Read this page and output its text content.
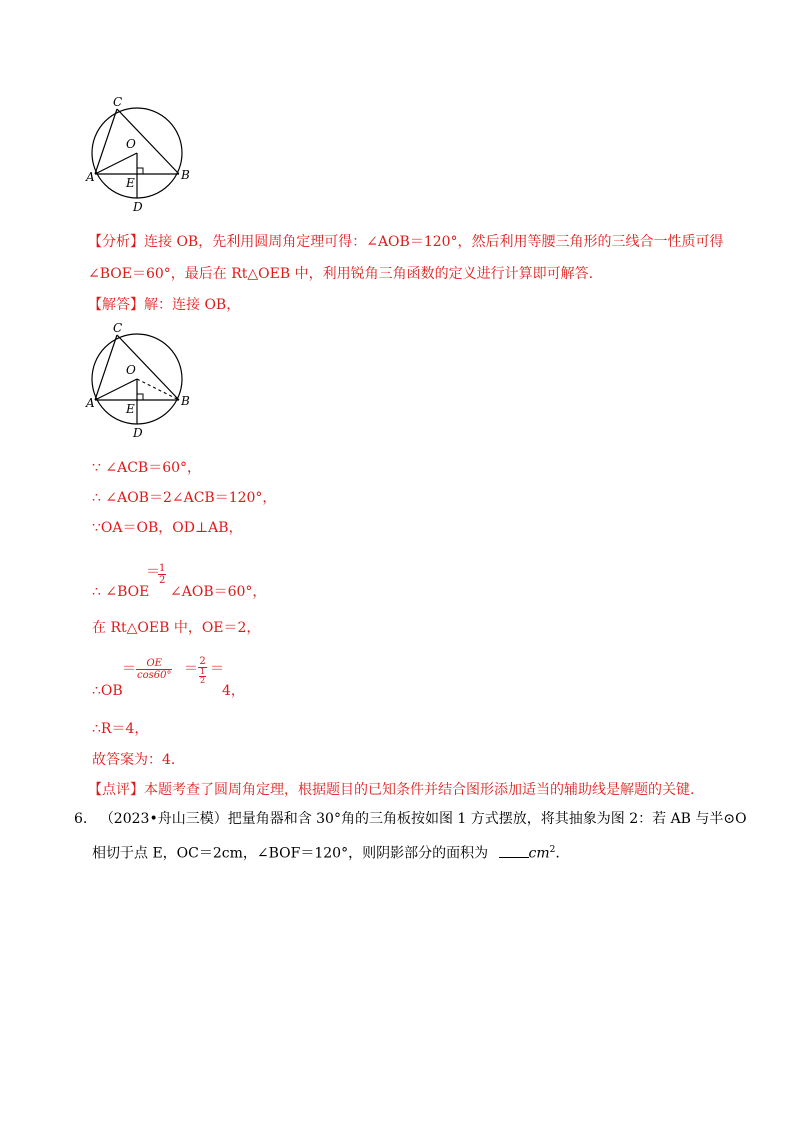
C
O
A	E
B
D
【分析】连接 OB，先利用圆周角定理可得：∠AOB＝120°，然后利用等腰三角形的三线合一性质可得
∠BOE＝60°，最后在 Rt△OEB 中，利用锐角三角函数的定义进行计算即可解答.
【解答】解：连接 OB，
C
O
A	E
B
D
∵ ∠ACB＝60°，
∴ ∠AOB＝2∠ACB＝120°，
∵OA＝OB，OD⊥AB，
∴ ∠BOE
＝
$\frac{1}{2}$
∠AOB＝60°，
在 Rt△OEB 中，OE＝2，
∴OB
＝ $\frac{OE}{\cos 60^\circ} = \frac{2}{\frac{1}{2}}$ ＝
4，
∴R＝4，
故答案为：4.
【点评】本题考查了圆周角定理，根据题目的已知条件并结合图形添加适当的辅助线是解题的关键.
6. （2023•舟山三模）把量角器和含 30°角的三角板按如图 1 方式摆放，将其抽象为图 2：若 AB 与半⊙O
相切于点 E，OC＝2cm，∠BOF＝120°，则阴影部分的面积为	$cm^2$.
